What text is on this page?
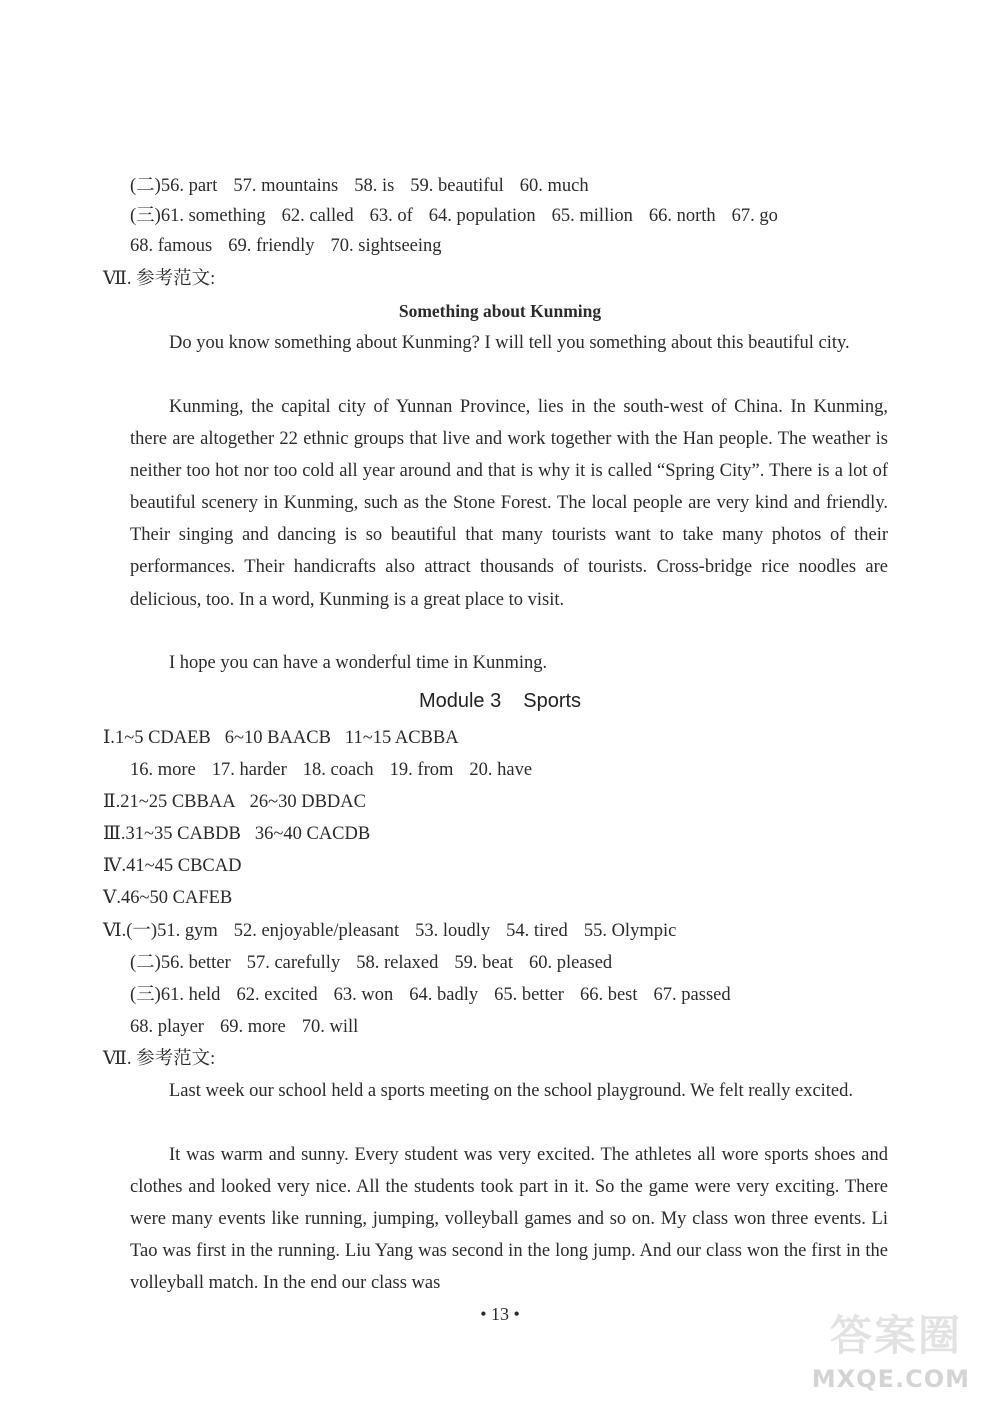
(二)56. part 57. mountains 58. is 59. beautiful 60. much
(三)61. something 62. called 63. of 64. population 65. million 66. north 67. go
68. famous 69. friendly 70. sightseeing
Ⅶ. 参考范文:
Something about Kunming
Do you know something about Kunming? I will tell you something about this beautiful city.
Kunming, the capital city of Yunnan Province, lies in the south-west of China. In Kunming, there are altogether 22 ethnic groups that live and work together with the Han people. The weather is neither too hot nor too cold all year around and that is why it is called “Spring City”. There is a lot of beautiful scenery in Kunming, such as the Stone Forest. The local people are very kind and friendly. Their singing and dancing is so beautiful that many tourists want to take many photos of their performances. Their handicrafts also attract thousands of tourists. Cross-bridge rice noodles are delicious, too. In a word, Kunming is a great place to visit.
I hope you can have a wonderful time in Kunming.
Module 3 Sports
Ⅰ.1~5 CDAEB 6~10 BAACB 11~15 ACBBA
16. more 17. harder 18. coach 19. from 20. have
Ⅱ.21~25 CBBAA 26~30 DBDAC
Ⅲ.31~35 CABDB 36~40 CACDB
Ⅳ.41~45 CBCAD
Ⅴ.46~50 CAFEB
Ⅵ.(一)51. gym 52. enjoyable/pleasant 53. loudly 54. tired 55. Olympic
(二)56. better 57. carefully 58. relaxed 59. beat 60. pleased
(三)61. held 62. excited 63. won 64. badly 65. better 66. best 67. passed
68. player 69. more 70. will
Ⅶ. 参考范文:
Last week our school held a sports meeting on the school playground. We felt really excited.
It was warm and sunny. Every student was very excited. The athletes all wore sports shoes and clothes and looked very nice. All the students took part in it. So the game were very exciting. There were many events like running, jumping, volleyball games and so on. My class won three events. Li Tao was first in the running. Liu Yang was second in the long jump. And our class won the first in the volleyball match. In the end our class was
• 13 •	答案圈
MXQE.COM
